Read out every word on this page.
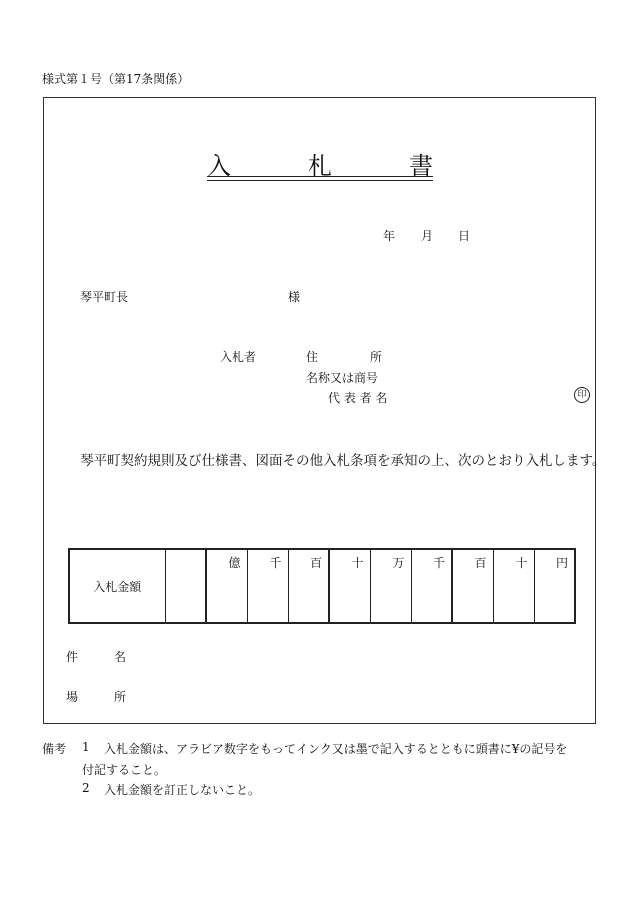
様式第１号（第17条関係）
入	札	書
年 月 日
琴平町長	様
入札者	住	所
名称又は商号
代 表 者 名	印
琴平町契約規則及び仕様書、図面その他入札条項を承知の上、次のとおり入札します。
入札金額		
億	千	百	十	万	千	百	十	円
件	名
場	所
備考 1 入札金額は、アラビア数字をもってインク又は墨で記入するとともに頭書に¥の記号を
付記すること。
2 入札金額を訂正しないこと。
